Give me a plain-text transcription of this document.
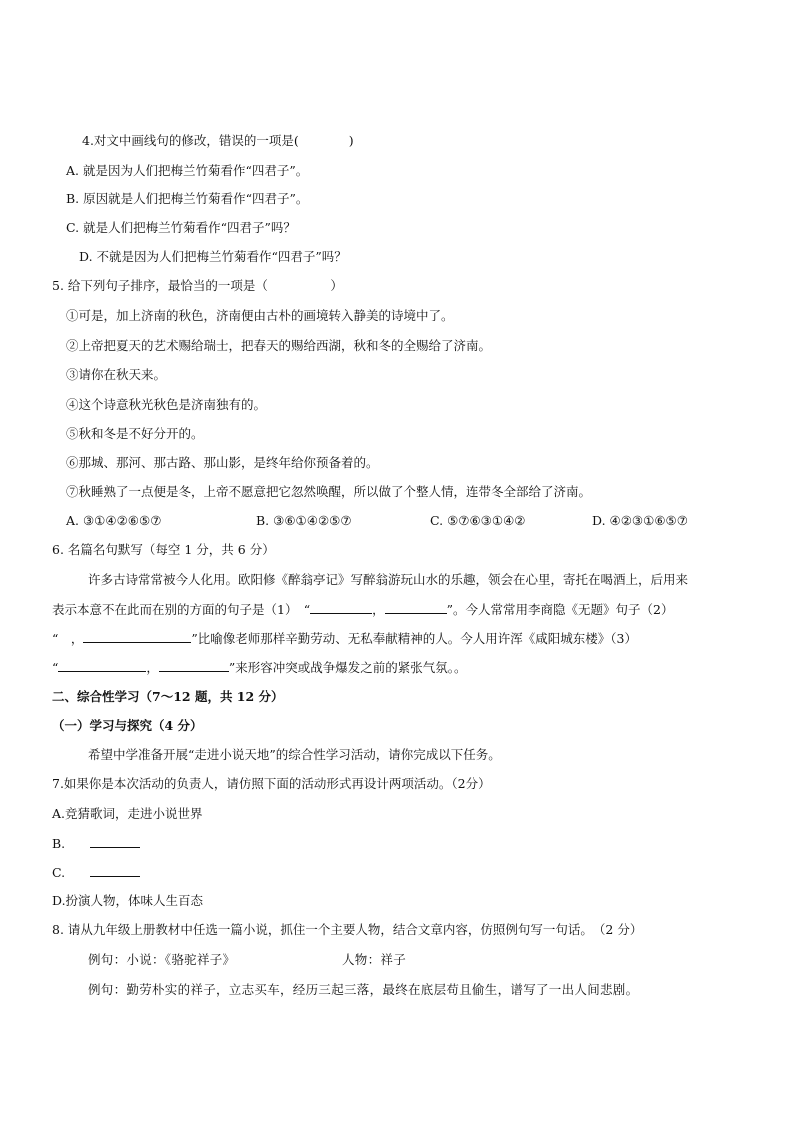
4.对文中画线句的修改，错误的一项是(　　　　)
A. 就是因为人们把梅兰竹菊看作“四君子”。
B. 原因就是人们把梅兰竹菊看作“四君子”。
C. 就是人们把梅兰竹菊看作“四君子”吗？
D. 不就是因为人们把梅兰竹菊看作“四君子”吗？
5. 给下列句子排序，最恰当的一项是（　　　　　）
①可是，加上济南的秋色，济南便由古朴的画境转入静美的诗境中了。
②上帝把夏天的艺术赐给瑞士，把春天的赐给西湖，秋和冬的全赐给了济南。
③请你在秋天来。
④这个诗意秋光秋色是济南独有的。
⑤秋和冬是不好分开的。
⑥那城、那河、那古路、那山影，是终年给你预备着的。
⑦秋睡熟了一点便是冬，上帝不愿意把它忽然唤醒，所以做了个整人情，连带冬全部给了济南。
A. ③①④②⑥⑤⑦	B. ③⑥①④②⑤⑦	C. ⑤⑦⑥③①④②	D. ④②③①⑥⑤⑦
6. 名篇名句默写（每空 1 分，共 6 分）
许多古诗常常被今人化用。欧阳修《醉翁亭记》写醉翁游玩山水的乐趣，领会在心里，寄托在喝酒上，后用来
表示本意不在此而在别的方面的句子是（1）　“	，	”。今人常常用李商隐《无题》句子（2）
“　，	”比喻像老师那样辛勤劳动、无私奉献精神的人。今人用许浑《咸阳城东楼》（3）
“	，	”来形容冲突或战争爆发之前的紧张气氛。。
二、综合性学习（7～12 题，共 12 分）
（一）学习与探究（4 分）
希望中学准备开展“走进小说天地”的综合性学习活动，请你完成以下任务。
7.如果你是本次活动的负责人，请仿照下面的活动形式再设计两项活动。（2分）
A.竞猜歌词，走进小说世界
B.　　
C.　　
D.扮演人物，体味人生百态
8. 请从九年级上册教材中任选一篇小说，抓住一个主要人物，结合文章内容，仿照例句写一句话。　（2 分）
例句：小说：《骆驼祥子》	人物：祥子
例句：勤劳朴实的祥子，立志买车，经历三起三落，最终在底层苟且偷生，谱写了一出人间悲剧。
